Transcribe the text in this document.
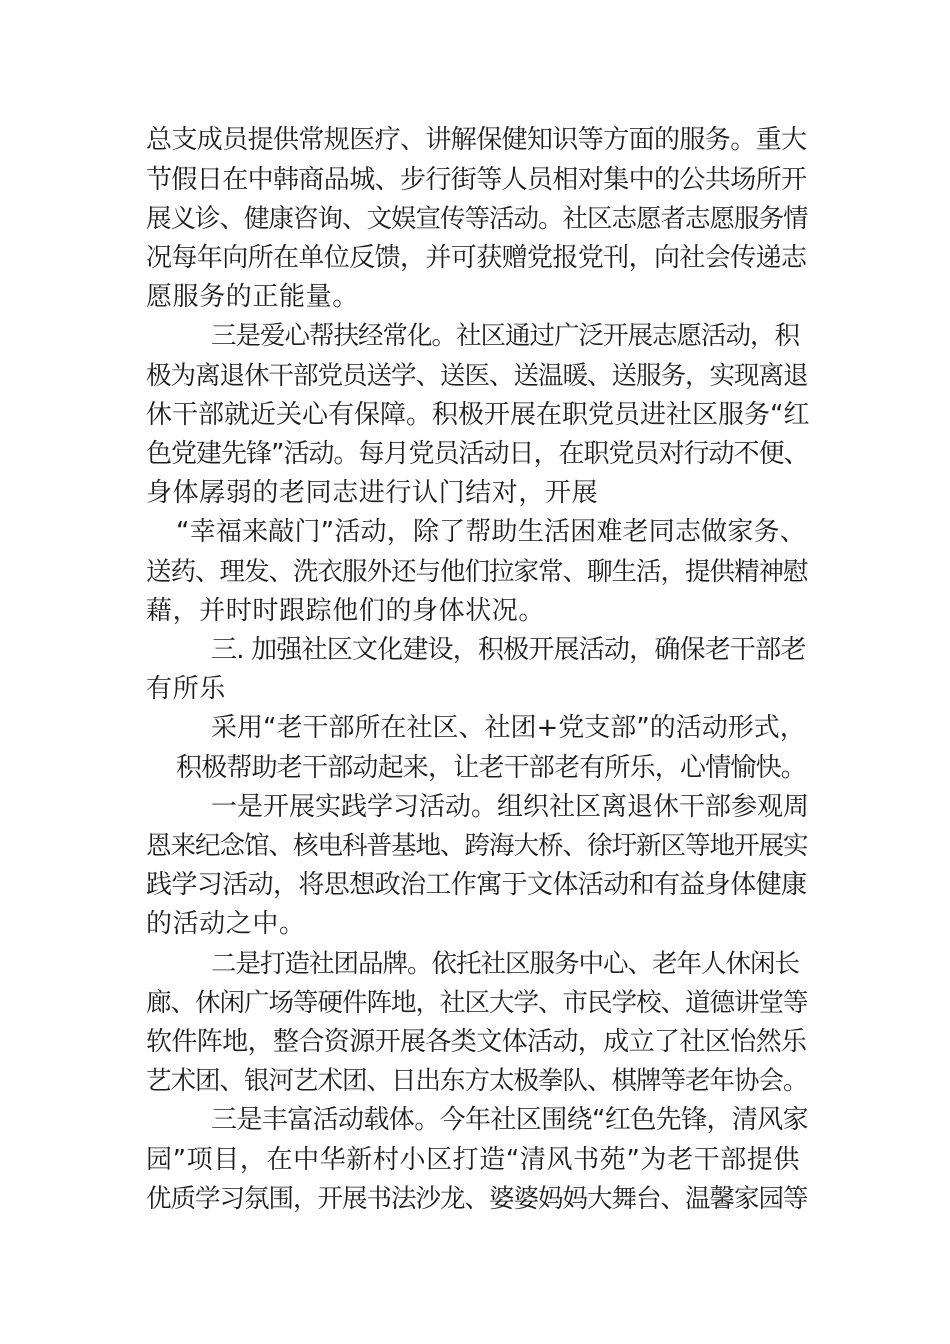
总支成员提供常规医疗、讲解保健知识等方面的服务。重大
节假日在中韩商品城、步行街等人员相对集中的公共场所开
展义诊、健康咨询、文娱宣传等活动。社区志愿者志愿服务情
况每年向所在单位反馈，并可获赠党报党刊，向社会传递志
愿服务的正能量。
三是爱心帮扶经常化。社区通过广泛开展志愿活动，积
极为离退休干部党员送学、送医、送温暖、送服务，实现离退
休干部就近关心有保障。积极开展在职党员进社区服务“红
色党建先锋”活动。每月党员活动日，在职党员对行动不便、
身体孱弱的老同志进行认门结对，开展
“幸福来敲门”活动，除了帮助生活困难老同志做家务、
送药、理发、洗衣服外还与他们拉家常、聊生活，提供精神慰
藉，并时时跟踪他们的身体状况。
三. 加强社区文化建设，积极开展活动，确保老干部老
有所乐
采用“老干部所在社区、社团+党支部”的活动形式，
积极帮助老干部动起来，让老干部老有所乐，心情愉快。
一是开展实践学习活动。组织社区离退休干部参观周
恩来纪念馆、核电科普基地、跨海大桥、徐圩新区等地开展实
践学习活动，将思想政治工作寓于文体活动和有益身体健康
的活动之中。
二是打造社团品牌。依托社区服务中心、老年人休闲长
廊、休闲广场等硬件阵地，社区大学、市民学校、道德讲堂等
软件阵地，整合资源开展各类文体活动，成立了社区怡然乐
艺术团、银河艺术团、日出东方太极拳队、棋牌等老年协会。
三是丰富活动载体。今年社区围绕“红色先锋，清风家
园”项目，在中华新村小区打造“清风书苑”为老干部提供
优质学习氛围，开展书法沙龙、婆婆妈妈大舞台、温馨家园等
